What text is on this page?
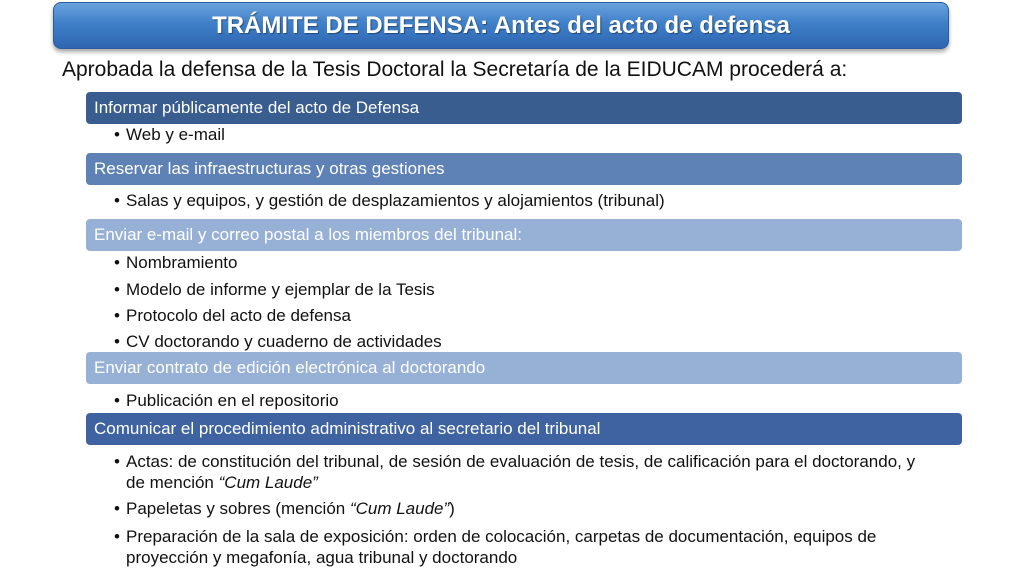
TRÁMITE DE DEFENSA: Antes del acto de defensa
Aprobada la defensa de la Tesis Doctoral la Secretaría de la EIDUCAM procederá a:
Informar públicamente del acto de Defensa
• Web y e-mail
Reservar las infraestructuras y otras gestiones
• Salas y equipos, y gestión de desplazamientos y alojamientos (tribunal)
Enviar e-mail y correo postal a los miembros del tribunal:
• Nombramiento
• Modelo de informe y ejemplar de la Tesis
• Protocolo del acto de defensa
• CV doctorando y cuaderno de actividades
Enviar contrato de edición electrónica al doctorando
• Publicación en el repositorio
Comunicar el procedimiento administrativo al secretario del tribunal
• Actas: de constitución del tribunal, de sesión de evaluación de tesis, de calificación para el doctorando, y de mención “Cum Laude”
• Papeletas y sobres (mención “Cum Laude”)
• Preparación de la sala de exposición: orden de colocación, carpetas de documentación, equipos de proyección y megafonía, agua tribunal y doctorando
